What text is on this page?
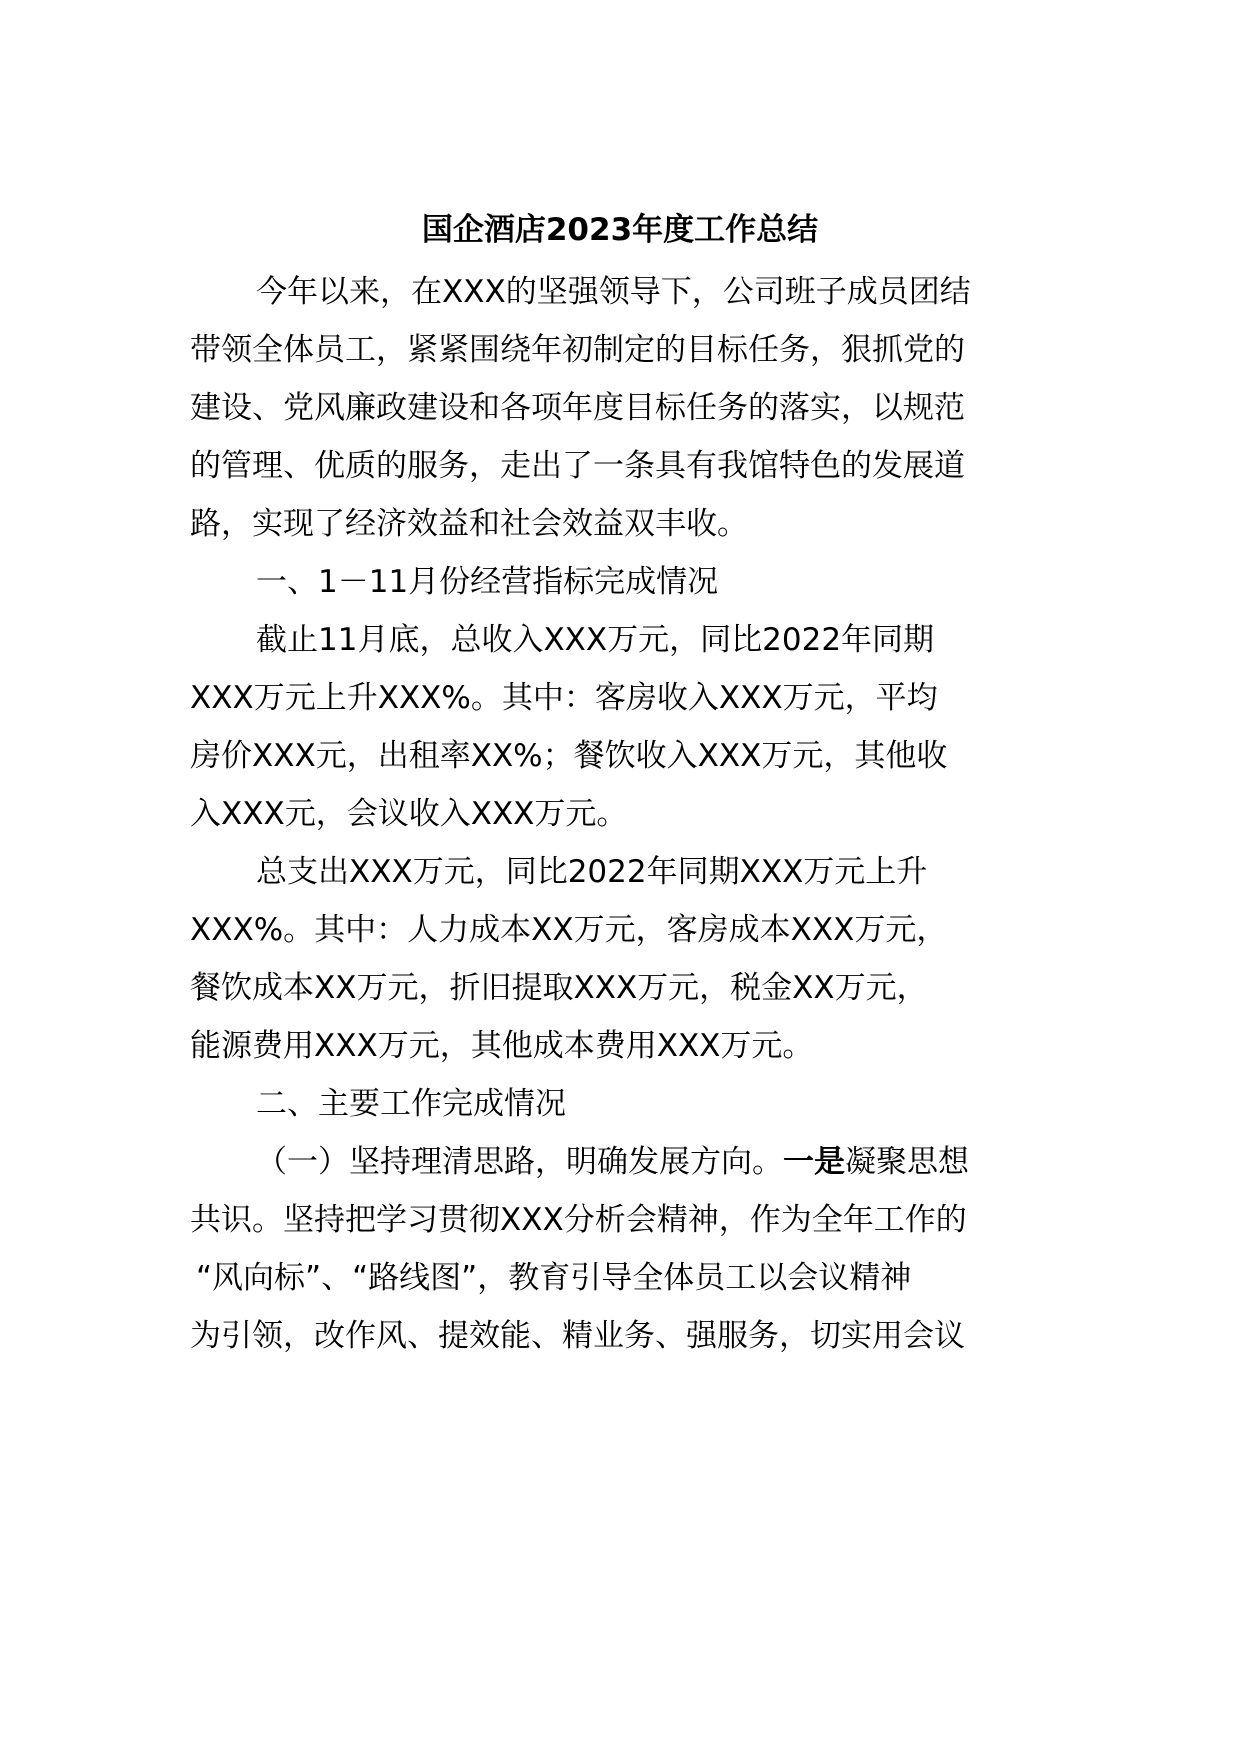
国企酒店2023年度工作总结
今年以来，在XXX的坚强领导下，公司班子成员团结
带领全体员工，紧紧围绕年初制定的目标任务，狠抓党的
建设、党风廉政建设和各项年度目标任务的落实，以规范
的管理、优质的服务，走出了一条具有我馆特色的发展道
路，实现了经济效益和社会效益双丰收。
一、1－11月份经营指标完成情况
截止11月底，总收入XXX万元，同比2022年同期
XXX万元上升XXX%。其中：客房收入XXX万元，平均
房价XXX元，出租率XX%；餐饮收入XXX万元，其他收
入XXX元，会议收入XXX万元。
总支出XXX万元，同比2022年同期XXX万元上升
XXX%。其中：人力成本XX万元，客房成本XXX万元，
餐饮成本XX万元，折旧提取XXX万元，税金XX万元，
能源费用XXX万元，其他成本费用XXX万元。
二、主要工作完成情况
（一）坚持理清思路，明确发展方向。一是凝聚思想
共识。坚持把学习贯彻XXX分析会精神，作为全年工作的
“风向标”、“路线图”，教育引导全体员工以会议精神
为引领，改作风、提效能、精业务、强服务，切实用会议
